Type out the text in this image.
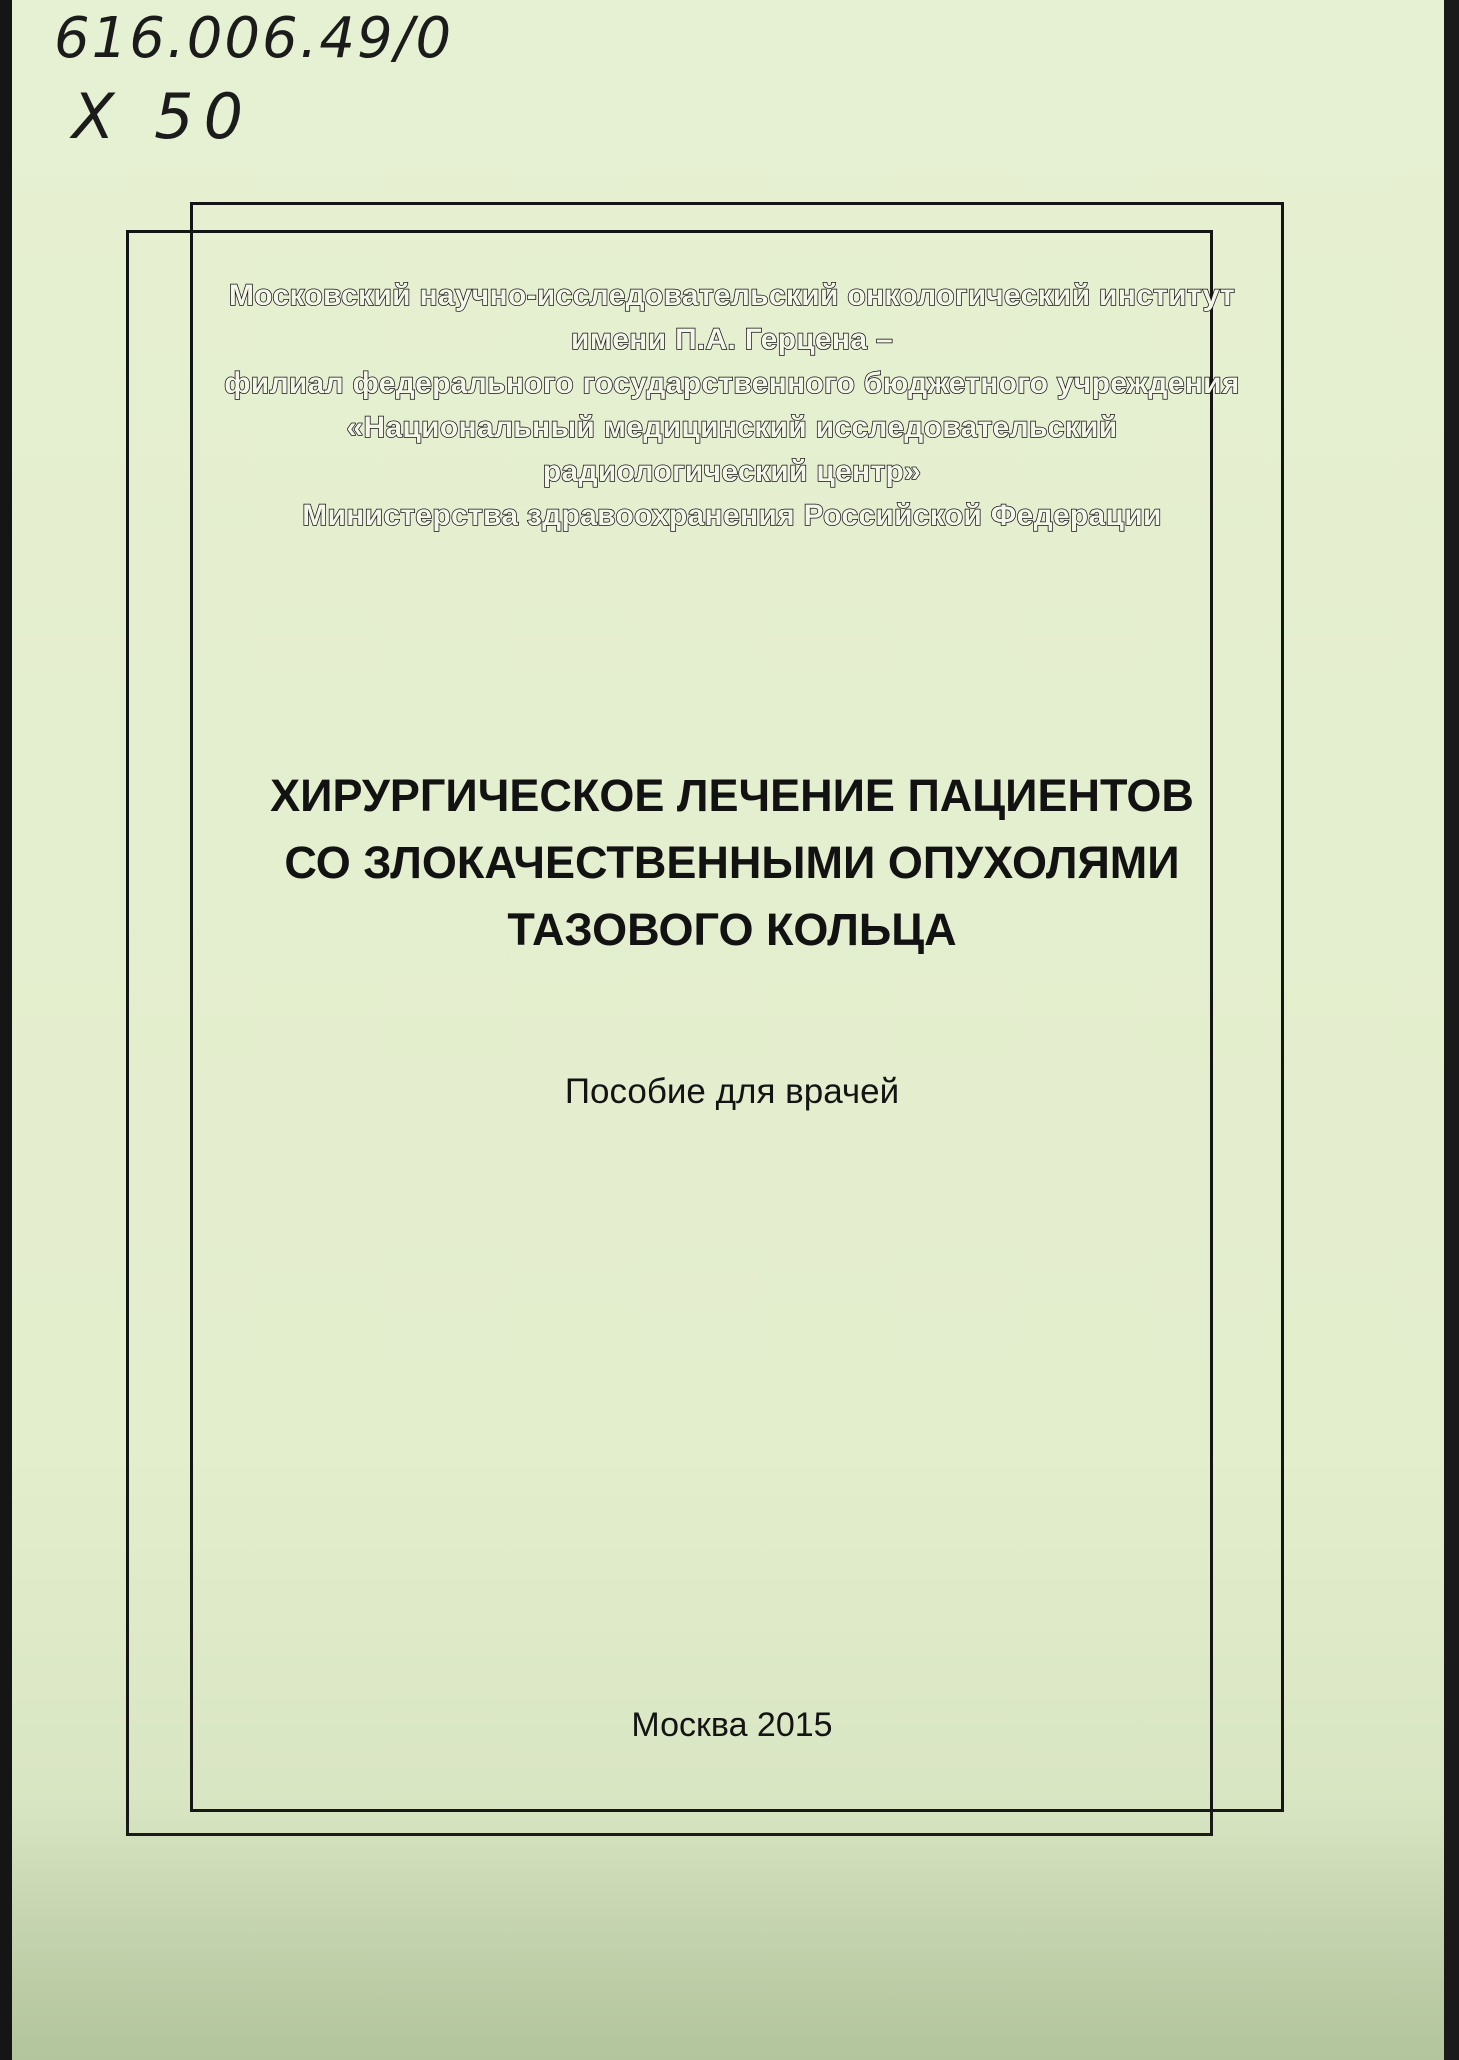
616.006.49/0
X 50
Московский научно-исследовательский онкологический институт
имени П.А. Герцена –
филиал федерального государственного бюджетного учреждения
«Национальный медицинский исследовательский
радиологический центр»
Министерства здравоохранения Российской Федерации
ХИРУРГИЧЕСКОЕ ЛЕЧЕНИЕ ПАЦИЕНТОВ
СО ЗЛОКАЧЕСТВЕННЫМИ ОПУХОЛЯМИ
ТАЗОВОГО КОЛЬЦА

Пособие для врачей

Москва 2015
